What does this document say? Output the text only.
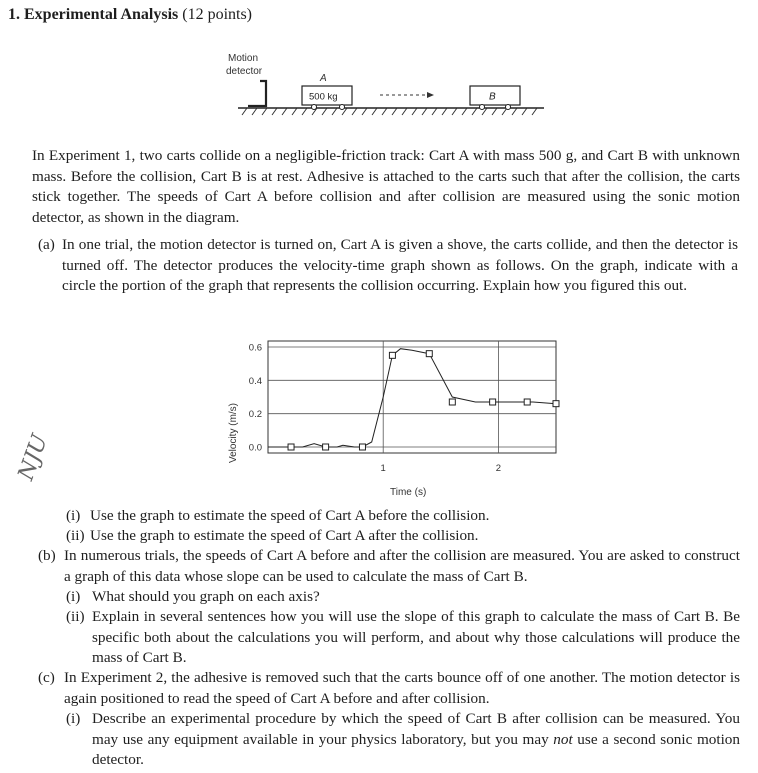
1. Experimental Analysis (12 points)
Motion
detector
A
500 kg	B
In Experiment 1, two carts collide on a negligible-friction track: Cart A with mass 500 g, and Cart B with unknown mass. Before the collision, Cart B is at rest. Adhesive is attached to the carts such that after the collision, the carts stick together. The speeds of Cart A before collision and after collision are measured using the sonic motion detector, as shown in the diagram.
(a) In one trial, the motion detector is turned on, Cart A is given a shove, the carts collide, and then the detector is turned off. The detector produces the velocity-time graph shown as follows. On the graph, indicate with a circle the portion of the graph that represents the collision occurring. Explain how you figured this out.
Velocity (m/s)
Time (s)
0.0
0.2
0.4
0.6
1	2
(i) Use the graph to estimate the speed of Cart A before the collision.
(ii) Use the graph to estimate the speed of Cart A after the collision.
(b) In numerous trials, the speeds of Cart A before and after the collision are measured. You are asked to construct a graph of this data whose slope can be used to calculate the mass of Cart B.
(i) What should you graph on each axis?
(ii) Explain in several sentences how you will use the slope of this graph to calculate the mass of Cart B. Be specific both about the calculations you will perform, and about why those calculations will produce the mass of Cart B.
(c) In Experiment 2, the adhesive is removed such that the carts bounce off of one another. The motion detector is again positioned to read the speed of Cart A before and after collision.
(i) Describe an experimental procedure by which the speed of Cart B after collision can be measured. You may use any equipment available in your physics laboratory, but you may not use a second sonic motion detector.
ΝJU
